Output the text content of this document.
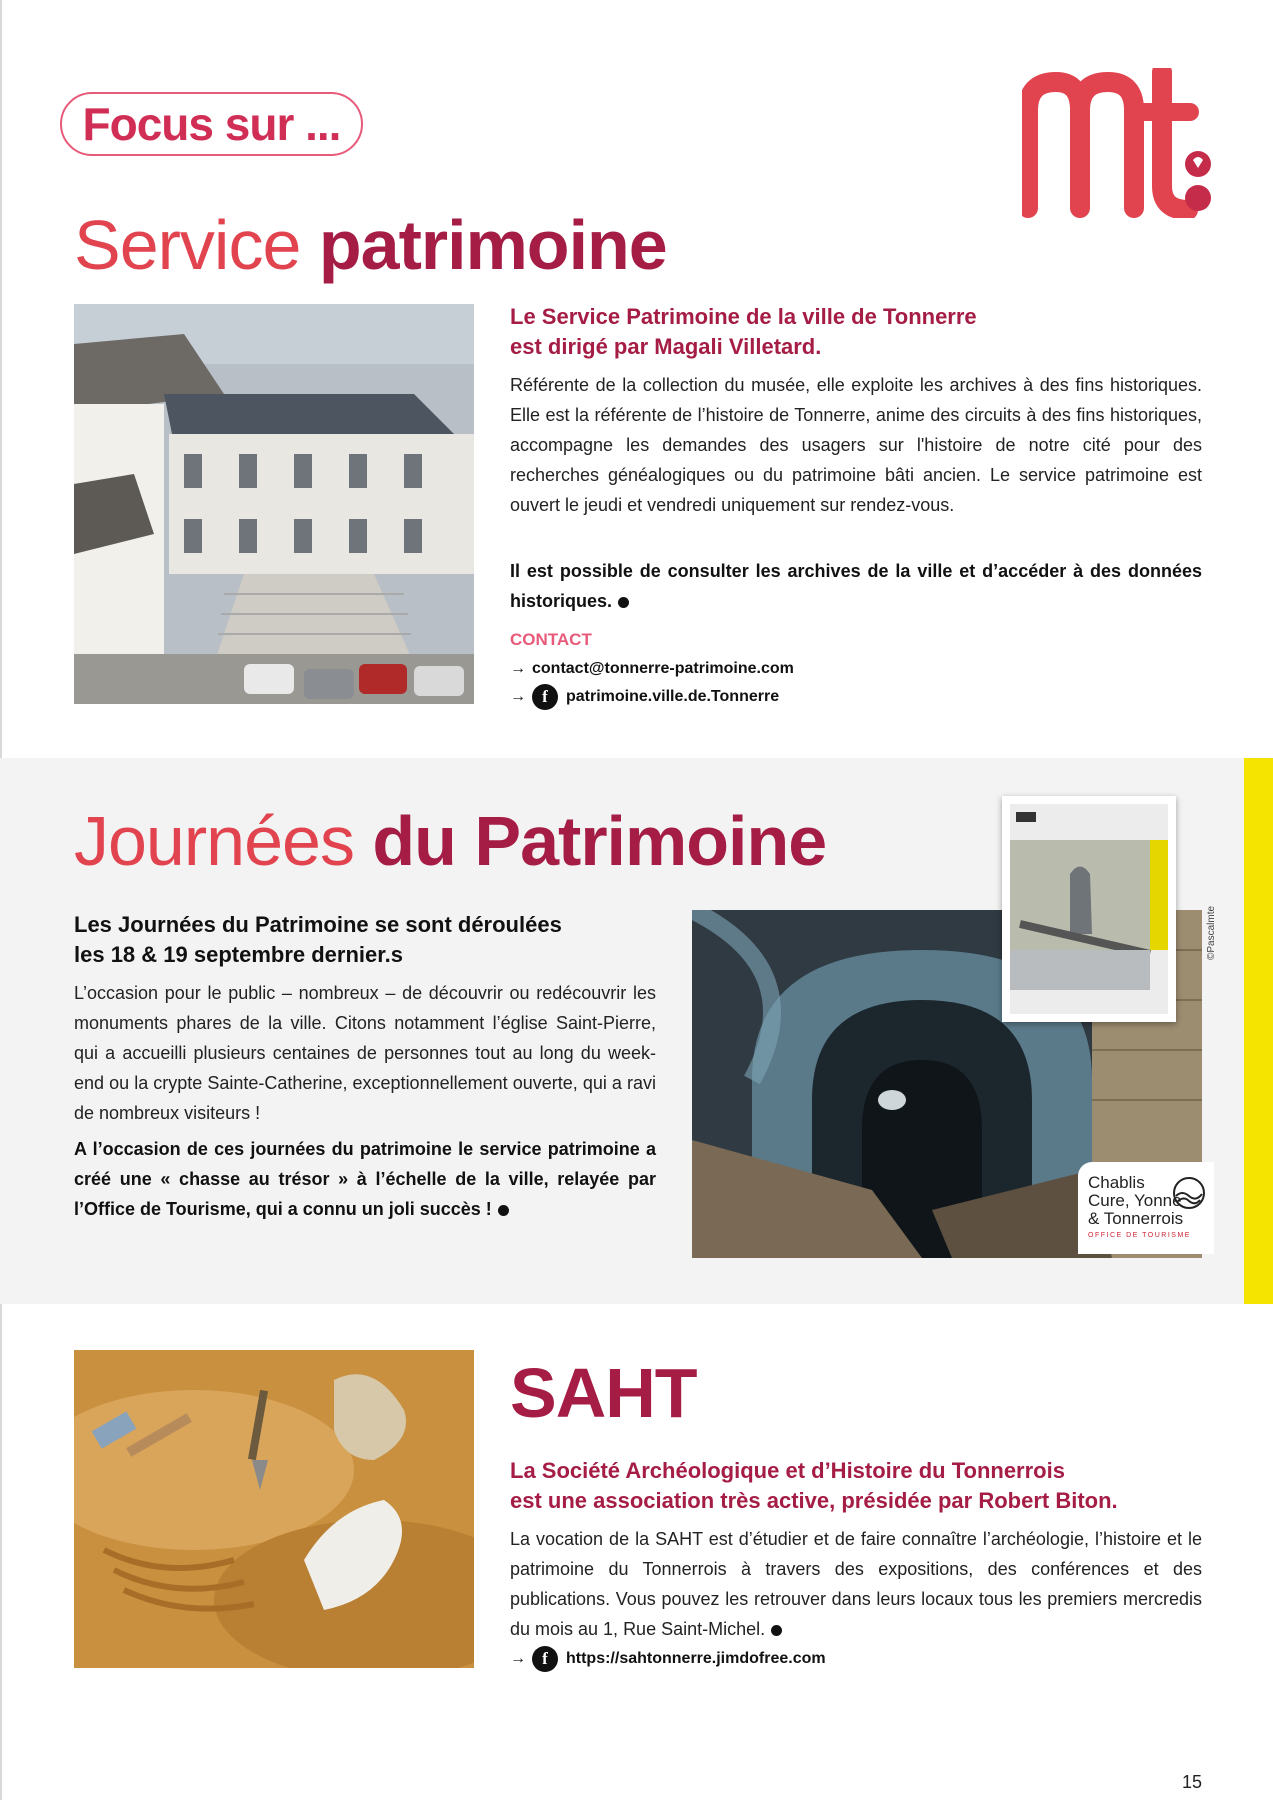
Focus sur ...
Service patrimoine
Le Service Patrimoine de la ville de Tonnerre
est dirigé par Magali Villetard.
Référente de la collection du musée, elle exploite les archives à des fins historiques. Elle est la référente de l’histoire de Tonnerre, anime des circuits à des fins historiques, accompagne les demandes des usagers sur l'histoire de notre cité pour des recherches généalogiques ou du patrimoine bâti ancien. Le service patrimoine est ouvert le jeudi et vendredi uniquement sur rendez-vous.
Il est possible de consulter les archives de la ville et d’accéder à des données historiques.
CONTACT
→ contact@tonnerre-patrimoine.com
→ f	patrimoine.ville.de.Tonnerre
Journées du Patrimoine
Les Journées du Patrimoine se sont déroulées
les 18 & 19 septembre dernier.s
L’occasion pour le public – nombreux – de découvrir ou redécouvrir les monuments phares de la ville. Citons notamment l’église Saint-Pierre, qui a accueilli plusieurs centaines de personnes tout au long du week-end ou la crypte Sainte-Catherine, exceptionnellement ouverte, qui a ravi de nombreux visiteurs !
A l’occasion de ces journées du patrimoine le service patrimoine a créé une « chasse au trésor » à l’échelle de la ville, relayée par l’Office de Tourisme, qui a connu un joli succès !
©Pascalmte
Chablis
Cure, Yonne
& Tonnerrois
OFFICE DE TOURISME
SAHT
La Société Archéologique et d’Histoire du Tonnerrois
est une association très active, présidée par Robert Biton.
La vocation de la SAHT est d’étudier et de faire connaître l’archéologie, l’histoire et le patrimoine du Tonnerrois à travers des expositions, des conférences et des publications. Vous pouvez les retrouver dans leurs locaux tous les premiers mercredis du mois au 1, Rue Saint-Michel.
→ f	https://sahtonnerre.jimdofree.com
15
